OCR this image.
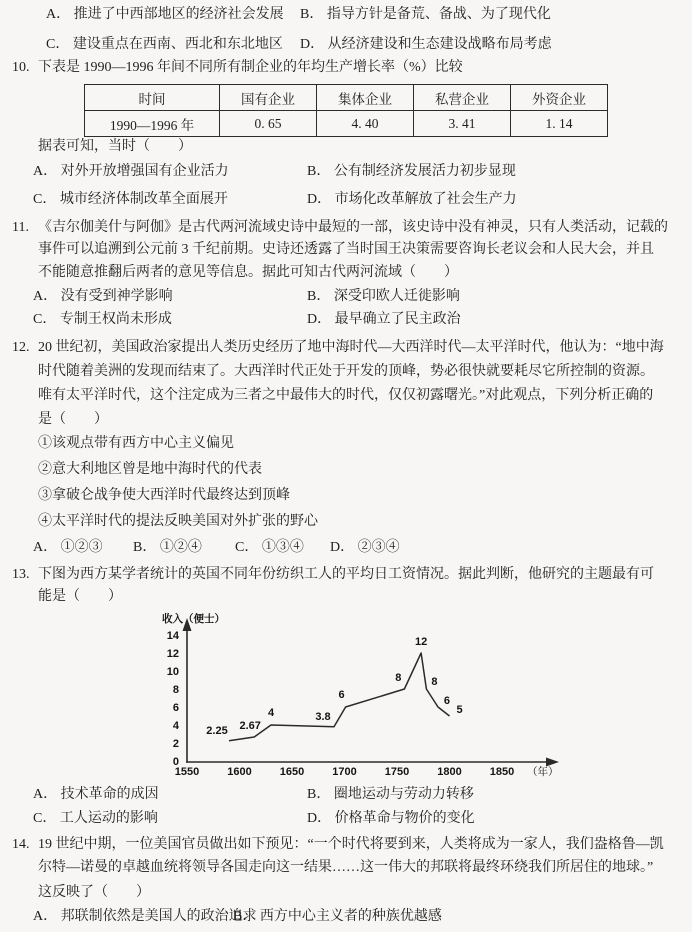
A． 推进了中西部地区的经济社会发展 B． 指导方针是备荒、备战、为了现代化
C． 建设重点在西南、西北和东北地区 D． 从经济建设和生态建设战略布局考虑
10. 下表是 1990—1996 年间不同所有制企业的年均生产增长率（%）比较
时间	国有企业	集体企业	私营企业	外资企业
1990—1996 年	0. 65	4. 40	3. 41	1. 14
据表可知，当时（　　）
A． 对外开放增强国有企业活力	B． 公有制经济发展活力初步显现
C． 城市经济体制改革全面展开	D． 市场化改革解放了社会生产力
11. 《吉尔伽美什与阿伽》是古代两河流域史诗中最短的一部，该史诗中没有神灵，只有人类活动，记载的
事件可以追溯到公元前 3 千纪前期。史诗还透露了当时国王决策需要咨询长老议会和人民大会，并且
不能随意推翻后两者的意见等信息。据此可知古代两河流域（　　）
A． 没有受到神学影响	B． 深受印欧人迁徙影响
C． 专制王权尚未形成	D． 最早确立了民主政治
12. 20 世纪初，美国政治家提出人类历史经历了地中海时代—大西洋时代—太平洋时代，他认为：“地中海
时代随着美洲的发现而结束了。大西洋时代正处于开发的顶峰，势必很快就要耗尽它所控制的资源。
唯有太平洋时代，这个注定成为三者之中最伟大的时代，仅仅初露曙光。”对此观点，下列分析正确的
是（　　）
①该观点带有西方中心主义偏见
②意大利地区曾是地中海时代的代表
③拿破仑战争使大西洋时代最终达到顶峰
④太平洋时代的提法反映美国对外扩张的野心
A． ①②③ B． ①②④ C． ①③④ D． ②③④
13. 下图为西方某学者统计的英国不同年份纺织工人的平均日工资情况。据此判断，他研究的主题最有可
能是（　　）
0
2
4
6
8
10
12
14
1550	1600	1650	1700	1750	1800	1850 （年）
收入（便士）
2.25 2.67
4	3.8
6
8
12
8
6
5
A． 技术革命的成因	B． 圈地运动与劳动力转移
C． 工人运动的影响	D． 价格革命与物价的变化
14. 19 世纪中期，一位美国官员做出如下预见：“一个时代将要到来，人类将成为一家人，我们盎格鲁—凯
尔特—诺曼的卓越血统将领导各国走向这一结果……这一伟大的邦联将最终环绕我们所居住的地球。”
这反映了（　　）
A． 邦联制依然是美国人的政治追求
B． 西方中心主义者的种族优越感
